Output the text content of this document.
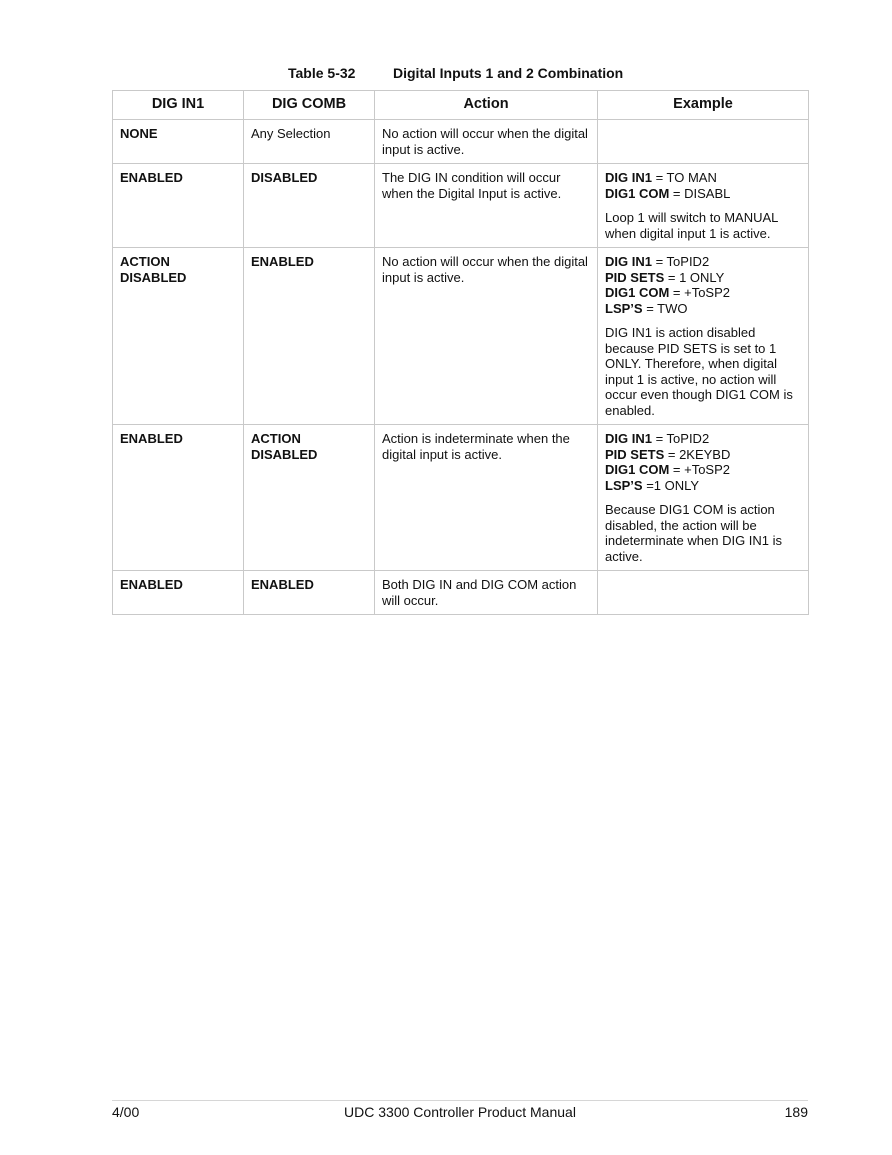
Table 5-32	Digital Inputs 1 and 2 Combination
DIG IN1	DIG COMB	Action	Example

NONE	Any Selection	No action will occur when the digital input is active.	

ENABLED	DISABLED	The DIG IN condition will occur when the Digital Input is active.	DIG IN1 = TO MAN
DIG1 COM = DISABL
Loop 1 will switch to MANUAL when digital input 1 is active.

ACTION
DISABLED	ENABLED	No action will occur when the digital input is active.	DIG IN1 = ToPID2
PID SETS = 1 ONLY
DIG1 COM = +ToSP2
LSP’S = TWO
DIG IN1 is action disabled because PID SETS is set to 1 ONLY. Therefore, when digital input 1 is active, no action will occur even though DIG1 COM is enabled.

ENABLED	ACTION
DISABLED	Action is indeterminate when the digital input is active.	DIG IN1 = ToPID2
PID SETS = 2KEYBD
DIG1 COM = +ToSP2
LSP’S =1 ONLY
Because DIG1 COM is action disabled, the action will be indeterminate when DIG IN1 is active.

ENABLED	ENABLED	Both DIG IN and DIG COM action will occur.	
4/00	UDC 3300 Controller Product Manual	189
